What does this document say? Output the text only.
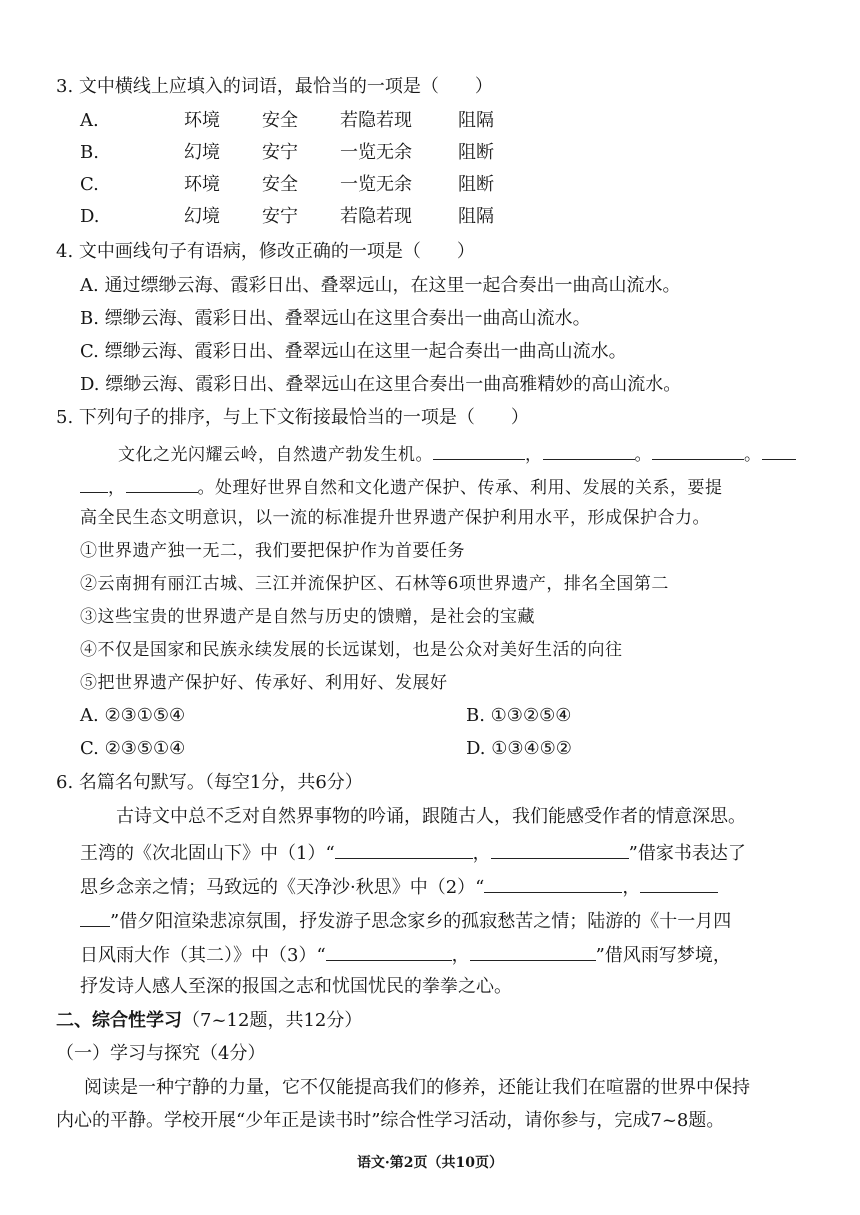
3. 文中横线上应填入的词语，最恰当的一项是（　　）
A.	环境 安全 若隐若现	阻隔
B.	幻境 安宁 一览无余	阻断
C.	环境 安全 一览无余	阻断
D.	幻境 安宁 若隐若现	阻隔
4. 文中画线句子有语病，修改正确的一项是（　　）
A. 通过缥缈云海、霞彩日出、叠翠远山，在这里一起合奏出一曲高山流水。
B. 缥缈云海、霞彩日出、叠翠远山在这里合奏出一曲高山流水。
C. 缥缈云海、霞彩日出、叠翠远山在这里一起合奏出一曲高山流水。
D. 缥缈云海、霞彩日出、叠翠远山在这里合奏出一曲高雅精妙的高山流水。
5. 下列句子的排序，与上下文衔接最恰当的一项是（　　）
文化之光闪耀云岭，自然遗产勃发生机。	，	。	。
，	。处理好世界自然和文化遗产保护、传承、利用、发展的关系，要提
高全民生态文明意识，以一流的标准提升世界遗产保护利用水平，形成保护合力。
①世界遗产独一无二，我们要把保护作为首要任务
②云南拥有丽江古城、三江并流保护区、石林等6项世界遗产，排名全国第二
③这些宝贵的世界遗产是自然与历史的馈赠，是社会的宝藏
④不仅是国家和民族永续发展的长远谋划，也是公众对美好生活的向往
⑤把世界遗产保护好、传承好、利用好、发展好
A. ②③①⑤④	B. ①③②⑤④
C. ②③⑤①④	D. ①③④⑤②
6. 名篇名句默写。（每空1分，共6分）
古诗文中总不乏对自然界事物的吟诵，跟随古人，我们能感受作者的情意深思。
王湾的《次北固山下》中（1）“	，	”借家书表达了
思乡念亲之情；马致远的《天净沙·秋思》中（2）“	，
”借夕阳渲染悲凉氛围，抒发游子思念家乡的孤寂愁苦之情；陆游的《十一月四
日风雨大作（其二）》中（3）“	，	”借风雨写梦境，
抒发诗人感人至深的报国之志和忧国忧民的拳拳之心。
二、综合性学习（7~12题，共12分）
（一）学习与探究（4分）
阅读是一种宁静的力量，它不仅能提高我们的修养，还能让我们在喧嚣的世界中保持
内心的平静。学校开展“少年正是读书时”综合性学习活动，请你参与，完成7~8题。
语文·第2页（共10页）
